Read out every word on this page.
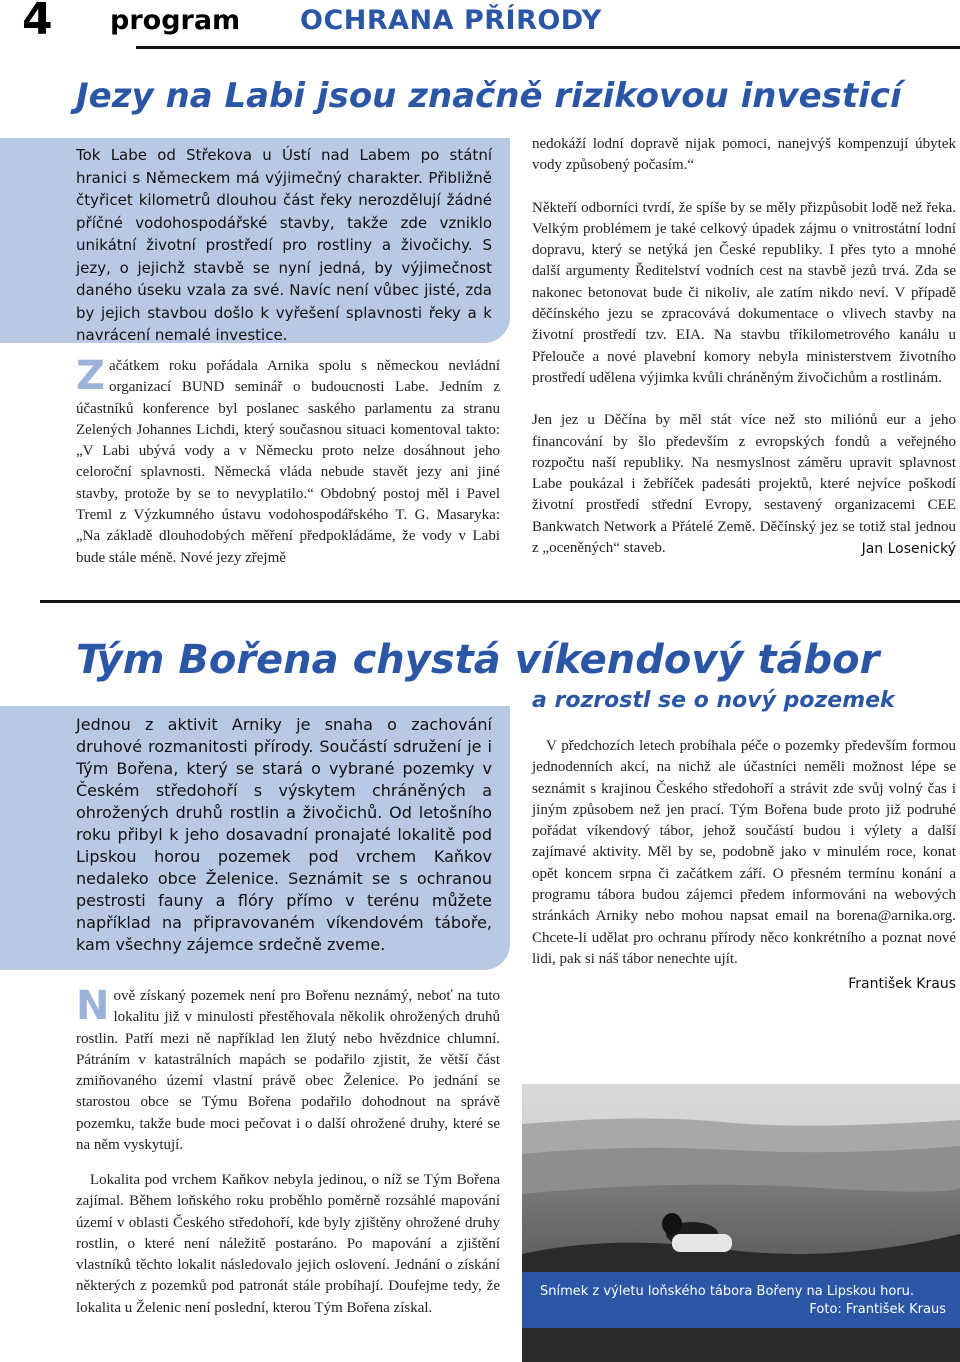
4 program OCHRANA PŘÍRODY
Jezy na Labi jsou značně rizikovou investicí
Tok Labe od Střekova u Ústí nad Labem po státní hranici s Německem má výjimečný charakter. Přibližně čtyřicet kilometrů dlouhou část řeky nerozdělují žádné příčné vodohospodářské stavby, takže zde vzniklo unikátní životní prostředí pro rostliny a živočichy. S jezy, o jejichž stavbě se nyní jedná, by výjimečnost daného úseku vzala za své. Navíc není vůbec jisté, zda by jejich stavbou došlo k vyřešení splavnosti řeky a k navrácení nemalé investice.

Začátkem roku pořádala Arnika spolu s německou nevládní organizací BUND seminář o budoucnosti Labe. Jedním z účastníků konference byl poslanec saského parlamentu za stranu Zelených Johannes Lichdi, který současnou situaci komentoval takto: „V Labi ubývá vody a v Německu proto nelze dosáhnout jeho celoroční splavnosti. Německá vláda nebude stavět jezy ani jiné stavby, protože by se to nevyplatilo.“ Obdobný postoj měl i Pavel Treml z Výzkumného ústavu vodohospodářského T. G. Masaryka: „Na základě dlouhodobých měření předpokládáme, že vody v Labi bude stále méně. Nové jezy zřejmě

nedokáží lodní dopravě nijak pomoci, nanejvýš kompenzují úbytek vody způsobený počasím.“

Někteří odborníci tvrdí, že spíše by se měly přizpůsobit lodě než řeka. Velkým problémem je také celkový úpadek zájmu o vnitrostátní lodní dopravu, který se netýká jen České republiky. I přes tyto a mnohé další argumenty Ředitelství vodních cest na stavbě jezů trvá. Zda se nakonec betonovat bude či nikoliv, ale zatím nikdo neví. V případě děčínského jezu se zpracovává dokumentace o vlivech stavby na životní prostředí tzv. EIA. Na stavbu tříkilometrového kanálu u Přelouče a nové plavební komory nebyla ministerstvem životního prostředí udělena výjimka kvůli chráněným živočichům a rostlinám.

Jen jez u Děčína by měl stát více než sto miliónů eur a jeho financování by šlo především z evropských fondů a veřejného rozpočtu naší republiky. Na nesmyslnost záměru upravit splavnost Labe poukázal i žebříček padesáti projektů, které nejvíce poškodí životní prostředí střední Evropy, sestavený organizacemi CEE Bankwatch Network a Přátelé Země. Děčínský jez se totiž stal jednou z „oceněných“ staveb.	Jan Losenický
Tým Bořena chystá víkendový tábor
a rozrostl se o nový pozemek
Jednou z aktivit Arniky je snaha o zachování druhové rozmanitosti přírody. Součástí sdružení je i Tým Bořena, který se stará o vybrané pozemky v Českém středohoří s výskytem chráněných a ohrožených druhů rostlin a živočichů. Od letošního roku přibyl k jeho dosavadní pronajaté lokalitě pod Lipskou horou pozemek pod vrchem Kaňkov nedaleko obce Želenice. Seznámit se s ochranou pestrosti fauny a flóry přímo v terénu můžete například na připravovaném víkendovém táboře, kam všechny zájemce srdečně zveme.

Nově získaný pozemek není pro Bořenu neznámý, neboť na tuto lokalitu již v minulosti přestěhovala několik ohrožených druhů rostlin. Patří mezi ně například len žlutý nebo hvězdnice chlumní. Pátráním v katastrálních mapách se podařilo zjistit, že větší část zmiňovaného území vlastní právě obec Želenice. Po jednání se starostou obce se Týmu Bořena podařilo dohodnout na správě pozemku, takže bude moci pečovat i o další ohrožené druhy, které se na něm vyskytují.

Lokalita pod vrchem Kaňkov nebyla jedinou, o níž se Tým Bořena zajímal. Během loňského roku proběhlo poměrně rozsáhlé mapování území v oblasti Českého středohoří, kde byly zjištěny ohrožené druhy rostlin, o které není náležitě postaráno. Po mapování a zjištění vlastníků těchto lokalit následovalo jejich oslovení. Jednání o získání některých z pozemků pod patronát stále probíhají. Doufejme tedy, že lokalita u Želenic není poslední, kterou Tým Bořena získal.

V předchozích letech probíhala péče o pozemky především formou jednodenních akcí, na nichž ale účastníci neměli možnost lépe se seznámit s krajinou Českého středohoří a strávit zde svůj volný čas i jiným způsobem než jen prací. Tým Bořena bude proto již podruhé pořádat víkendový tábor, jehož součástí budou i výlety a další zajímavé aktivity. Měl by se, podobně jako v minulém roce, konat opět koncem srpna či začátkem září. O přesném termínu konání a programu tábora budou zájemci předem informováni na webových stránkách Arniky nebo mohou napsat email na borena@arnika.org. Chcete-li udělat pro ochranu přírody něco konkrétního a poznat nové lidi, pak si náš tábor nenechte ujít.

František Kraus
Snímek z výletu loňského tábora Bořeny na Lipskou horu.
Foto: František Kraus
